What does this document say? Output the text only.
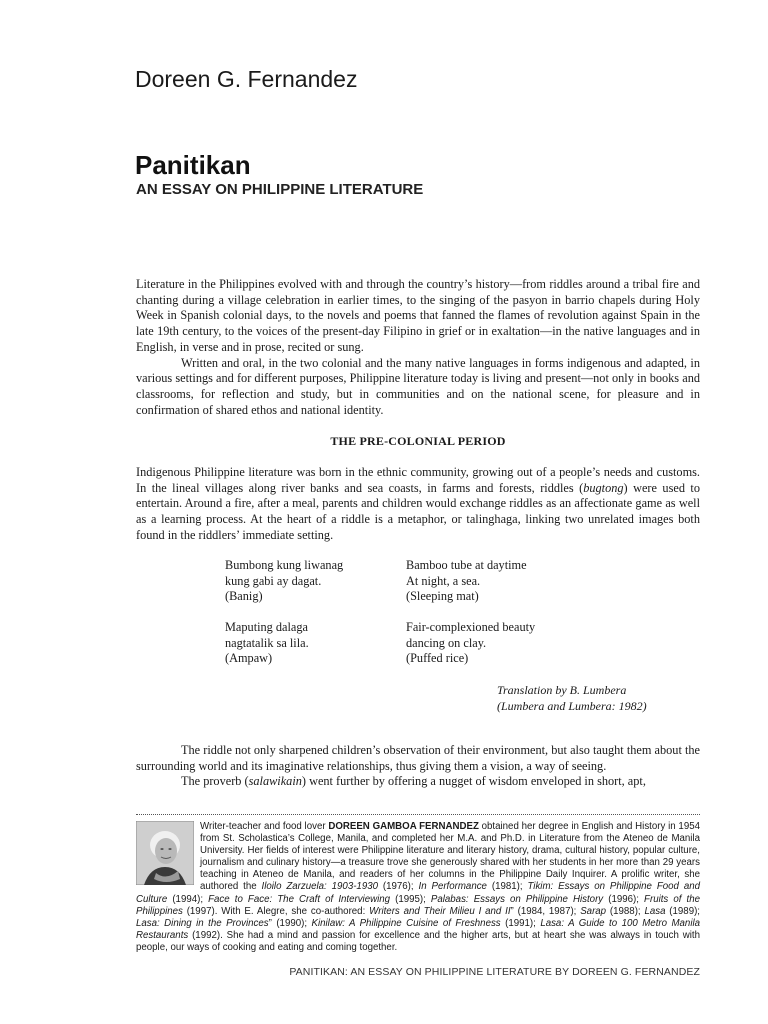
Doreen G. Fernandez
Panitikan
AN ESSAY ON PHILIPPINE LITERATURE

Literature in the Philippines evolved with and through the country’s history—from riddles around a tribal fire and chanting during a village celebration in earlier times, to the singing of the pasyon in barrio chapels during Holy Week in Spanish colonial days, to the novels and poems that fanned the flames of revolution against Spain in the late 19th century, to the voices of the present-day Filipino in grief or in exaltation—in the native languages and in English, in verse and in prose, recited or sung.

Written and oral, in the two colonial and the many native languages in forms indigenous and adapted, in various settings and for different purposes, Philippine literature today is living and present—not only in books and classrooms, for reflection and study, but in communities and on the national scene, for pleasure and in confirmation of shared ethos and national identity.

THE PRE-COLONIAL PERIOD

Indigenous Philippine literature was born in the ethnic community, growing out of a people’s needs and customs. In the lineal villages along river banks and sea coasts, in farms and forests, riddles (bugtong) were used to entertain. Around a fire, after a meal, parents and children would exchange riddles as an affectionate game as well as a learning process. At the heart of a riddle is a metaphor, or talinghaga, linking two unrelated images both found in the riddlers’ immediate setting.

Bumbong kung liwanag
kung gabi ay dagat.
(Banig)
Bamboo tube at daytime
At night, a sea.
(Sleeping mat)
Maputing dalaga
nagtatalik sa lila.
(Ampaw)
Fair-complexioned beauty
dancing on clay.
(Puffed rice)
Translation by B. Lumbera
(Lumbera and Lumbera: 1982)

The riddle not only sharpened children’s observation of their environment, but also taught them about the surrounding world and its imaginative relationships, thus giving them a vision, a way of seeing.

The proverb (salawikain) went further by offering a nugget of wisdom enveloped in short, apt,

Writer-teacher and food lover DOREEN GAMBOA FERNANDEZ obtained her degree in English and History in 1954 from St. Scholastica’s College, Manila, and completed her M.A. and Ph.D. in Literature from the Ateneo de Manila University. Her fields of interest were Philippine literature and literary history, drama, cultural history, popular culture, journalism and culinary history—a treasure trove she generously shared with her students in her more than 29 years teaching in Ateneo de Manila, and readers of her columns in the Philippine Daily Inquirer. A prolific writer, she authored the Iloilo Zarzuela: 1903-1930 (1976); In Performance (1981); Tikim: Essays on Philippine Food and Culture (1994); Face to Face: The Craft of Interviewing (1995); Palabas: Essays on Philippine History (1996); Fruits of the Philippines (1997). With E. Alegre, she co-authored: Writers and Their Milieu I and II” (1984, 1987); Sarap (1988); Lasa (1989); Lasa: Dining in the Provinces” (1990); Kinilaw: A Philippine Cuisine of Freshness (1991); Lasa: A Guide to 100 Metro Manila Restaurants (1992). She had a mind and passion for excellence and the higher arts, but at heart she was always in touch with people, our ways of cooking and eating and coming together.

PANITIKAN: AN ESSAY ON PHILIPPINE LITERATURE BY DOREEN G. FERNANDEZ
